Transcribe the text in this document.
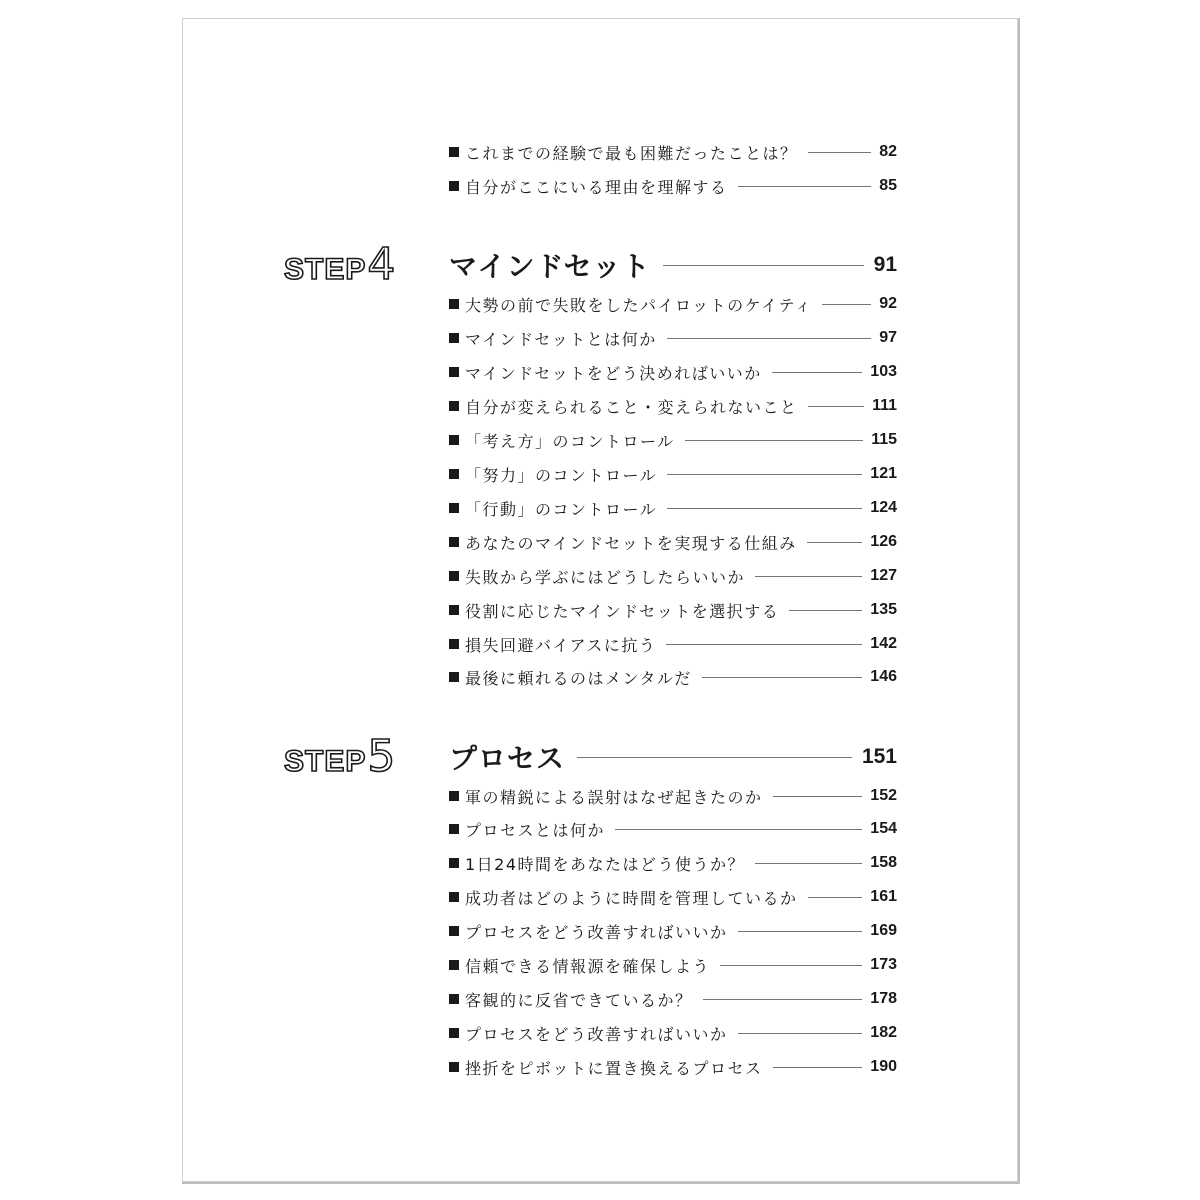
これまでの経験で最も困難だったことは？	82
自分がここにいる理由を理解する	85
STEP 4 マインドセット	91
大勢の前で失敗をしたパイロットのケイティ	92
マインドセットとは何か	97
マインドセットをどう決めればいいか	103
自分が変えられること・変えられないこと	111
「考え方」のコントロール	115
「努力」のコントロール	121
「行動」のコントロール	124
あなたのマインドセットを実現する仕組み	126
失敗から学ぶにはどうしたらいいか	127
役割に応じたマインドセットを選択する	135
損失回避バイアスに抗う	142
最後に頼れるのはメンタルだ	146
STEP 5 プロセス	151
軍の精鋭による誤射はなぜ起きたのか	152
プロセスとは何か	154
1日24時間をあなたはどう使うか？	158
成功者はどのように時間を管理しているか	161
プロセスをどう改善すればいいか	169
信頼できる情報源を確保しよう	173
客観的に反省できているか？	178
プロセスをどう改善すればいいか	182
挫折をピボットに置き換えるプロセス	190
